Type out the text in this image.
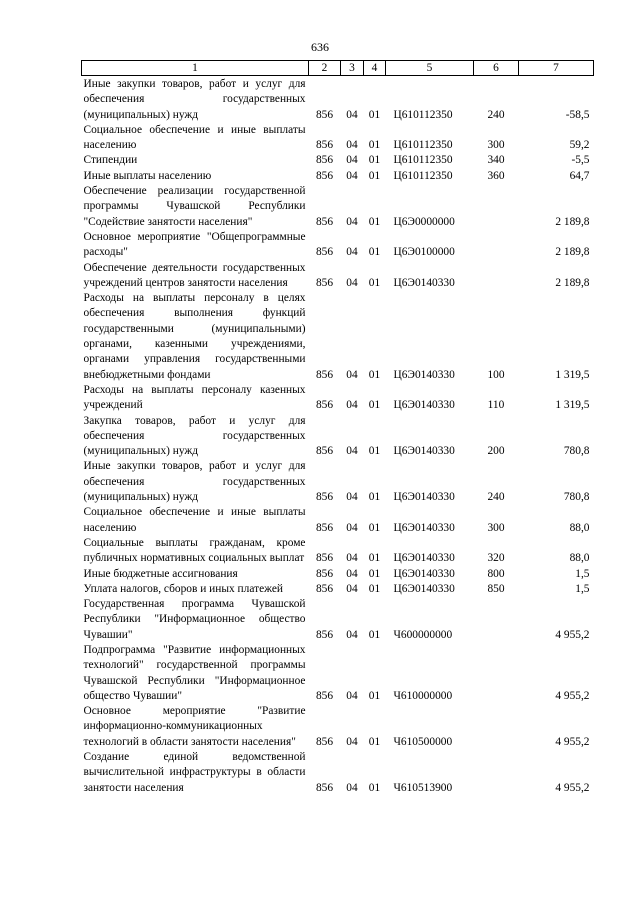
636
1	2	3	4	5	6	7
Иные закупки товаров, работ и услуг для обеспечения государственных (муниципальных) нужд	856	04	01	Ц610112350	240	-58,5
Социальное обеспечение и иные выплаты населению	856	04	01	Ц610112350	300	59,2
Стипендии	856	04	01	Ц610112350	340	-5,5
Иные выплаты населению	856	04	01	Ц610112350	360	64,7
Обеспечение реализации государственной программы Чувашской Республики "Содействие занятости населения"	856	04	01	Ц6Э0000000		2 189,8
Основное мероприятие "Общепрограммные расходы"	856	04	01	Ц6Э0100000		2 189,8
Обеспечение деятельности государственных учреждений центров занятости населения	856	04	01	Ц6Э0140330		2 189,8
Расходы на выплаты персоналу в целях обеспечения выполнения функций государственными (муниципальными) органами, казенными учреждениями, органами управления государственными внебюджетными фондами	856	04	01	Ц6Э0140330	100	1 319,5
Расходы на выплаты персоналу казенных учреждений	856	04	01	Ц6Э0140330	110	1 319,5
Закупка товаров, работ и услуг для обеспечения государственных (муниципальных) нужд	856	04	01	Ц6Э0140330	200	780,8
Иные закупки товаров, работ и услуг для обеспечения государственных (муниципальных) нужд	856	04	01	Ц6Э0140330	240	780,8
Социальное обеспечение и иные выплаты населению	856	04	01	Ц6Э0140330	300	88,0
Социальные выплаты гражданам, кроме публичных нормативных социальных выплат	856	04	01	Ц6Э0140330	320	88,0
Иные бюджетные ассигнования	856	04	01	Ц6Э0140330	800	1,5
Уплата налогов, сборов и иных платежей	856	04	01	Ц6Э0140330	850	1,5
Государственная программа Чувашской Республики "Информационное общество Чувашии"	856	04	01	Ч600000000		4 955,2
Подпрограмма "Развитие информационных технологий" государственной программы Чувашской Республики "Информационное общество Чувашии"	856	04	01	Ч610000000		4 955,2
Основное мероприятие "Развитие информационно-коммуникационных технологий в области занятости населения"	856	04	01	Ч610500000		4 955,2
Создание единой ведомственной вычислительной инфраструктуры в области занятости населения	856	04	01	Ч610513900		4 955,2
